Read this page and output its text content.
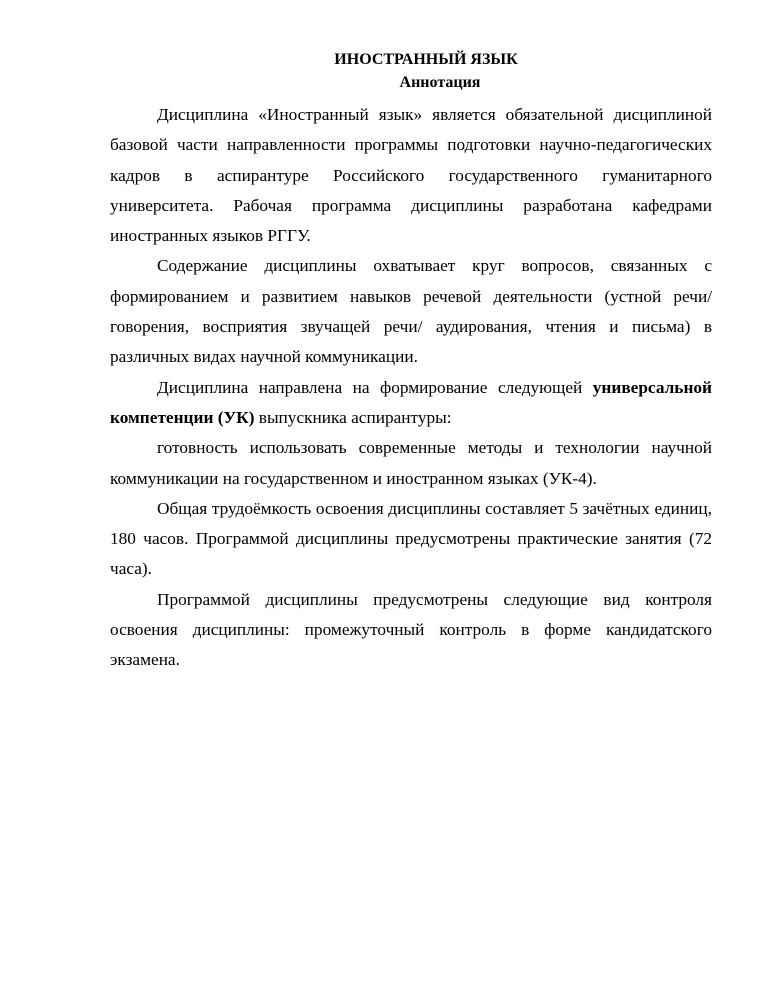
ИНОСТРАННЫЙ ЯЗЫК
Аннотация

Дисциплина «Иностранный язык» является обязательной дисциплиной базовой части направленности программы подготовки научно-педагогических кадров в аспирантуре Российского государственного гуманитарного университета. Рабочая программа дисциплины разработана кафедрами иностранных языков РГГУ.

Содержание дисциплины охватывает круг вопросов, связанных с формированием и развитием навыков речевой деятельности (устной речи/ говорения, восприятия звучащей речи/ аудирования, чтения и письма) в различных видах научной коммуникации.

Дисциплина направлена на формирование следующей универсальной компетенции (УК) выпускника аспирантуры:

готовность использовать современные методы и технологии научной коммуникации на государственном и иностранном языках (УК-4).

Общая трудоёмкость освоения дисциплины составляет 5 зачётных единиц, 180 часов. Программой дисциплины предусмотрены практические занятия (72 часа).

Программой дисциплины предусмотрены следующие вид контроля освоения дисциплины: промежуточный контроль в форме кандидатского экзамена.
